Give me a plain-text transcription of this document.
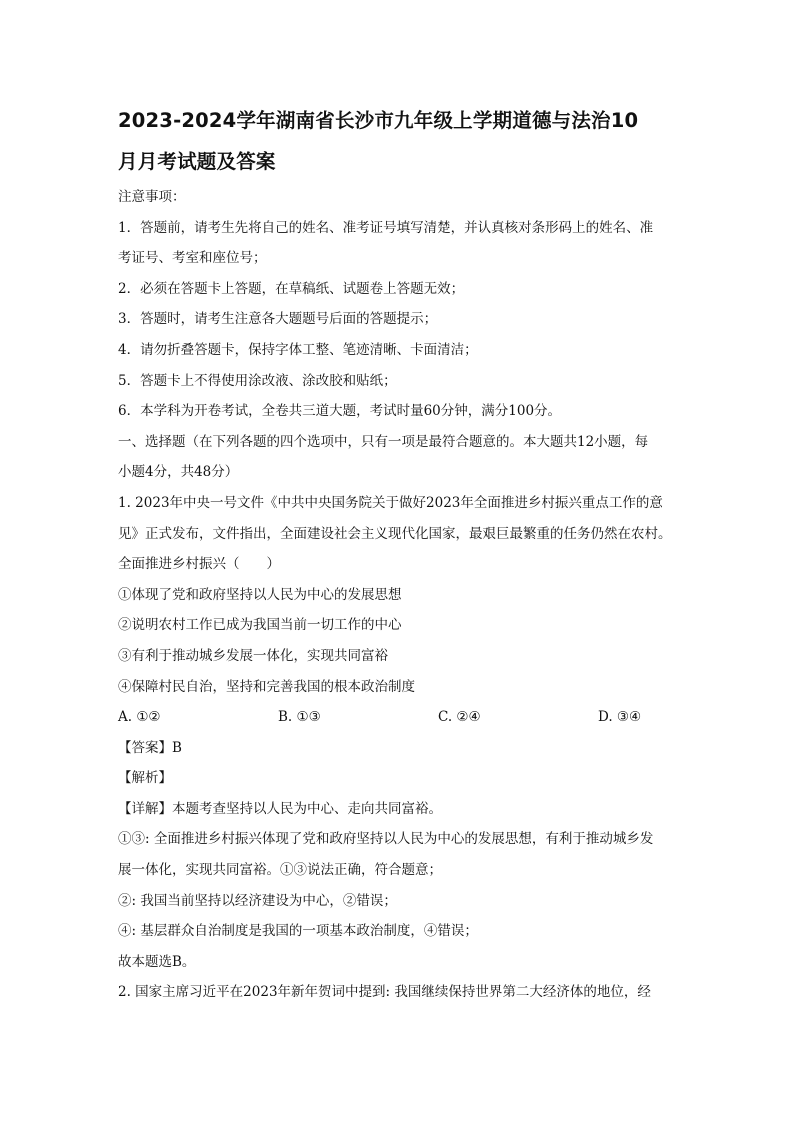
2023-2024学年湖南省长沙市九年级上学期道德与法治10
月月考试题及答案

注意事项：

1．答题前，请考生先将自己的姓名、准考证号填写清楚，并认真核对条形码上的姓名、准

考证号、考室和座位号；

2．必须在答题卡上答题，在草稿纸、试题卷上答题无效；

3．答题时，请考生注意各大题题号后面的答题提示；

4．请勿折叠答题卡，保持字体工整、笔迹清晰、卡面清洁；

5．答题卡上不得使用涂改液、涂改胶和贴纸；

6．本学科为开卷考试，全卷共三道大题，考试时量60分钟，满分100分。

一、选择题（在下列各题的四个选项中，只有一项是最符合题意的。本大题共12小题，每

小题4分，共48分）

1. 2023年中央一号文件《中共中央国务院关于做好2023年全面推进乡村振兴重点工作的意

见》正式发布，文件指出，全面建设社会主义现代化国家，最艰巨最繁重的任务仍然在农村。

全面推进乡村振兴（　　）

①体现了党和政府坚持以人民为中心的发展思想

②说明农村工作已成为我国当前一切工作的中心

③有利于推动城乡发展一体化，实现共同富裕

④保障村民自治，坚持和完善我国的根本政治制度

A. ①②	B. ①③	C. ②④	D. ③④

【答案】B

【解析】

【详解】本题考查坚持以人民为中心、走向共同富裕。

①③: 全面推进乡村振兴体现了党和政府坚持以人民为中心的发展思想，有利于推动城乡发

展一体化，实现共同富裕。①③说法正确，符合题意；

②: 我国当前坚持以经济建设为中心，②错误；

④: 基层群众自治制度是我国的一项基本政治制度，④错误；

故本题选B。

2. 国家主席习近平在2023年新年贺词中提到: 我国继续保持世界第二大经济体的地位，经
